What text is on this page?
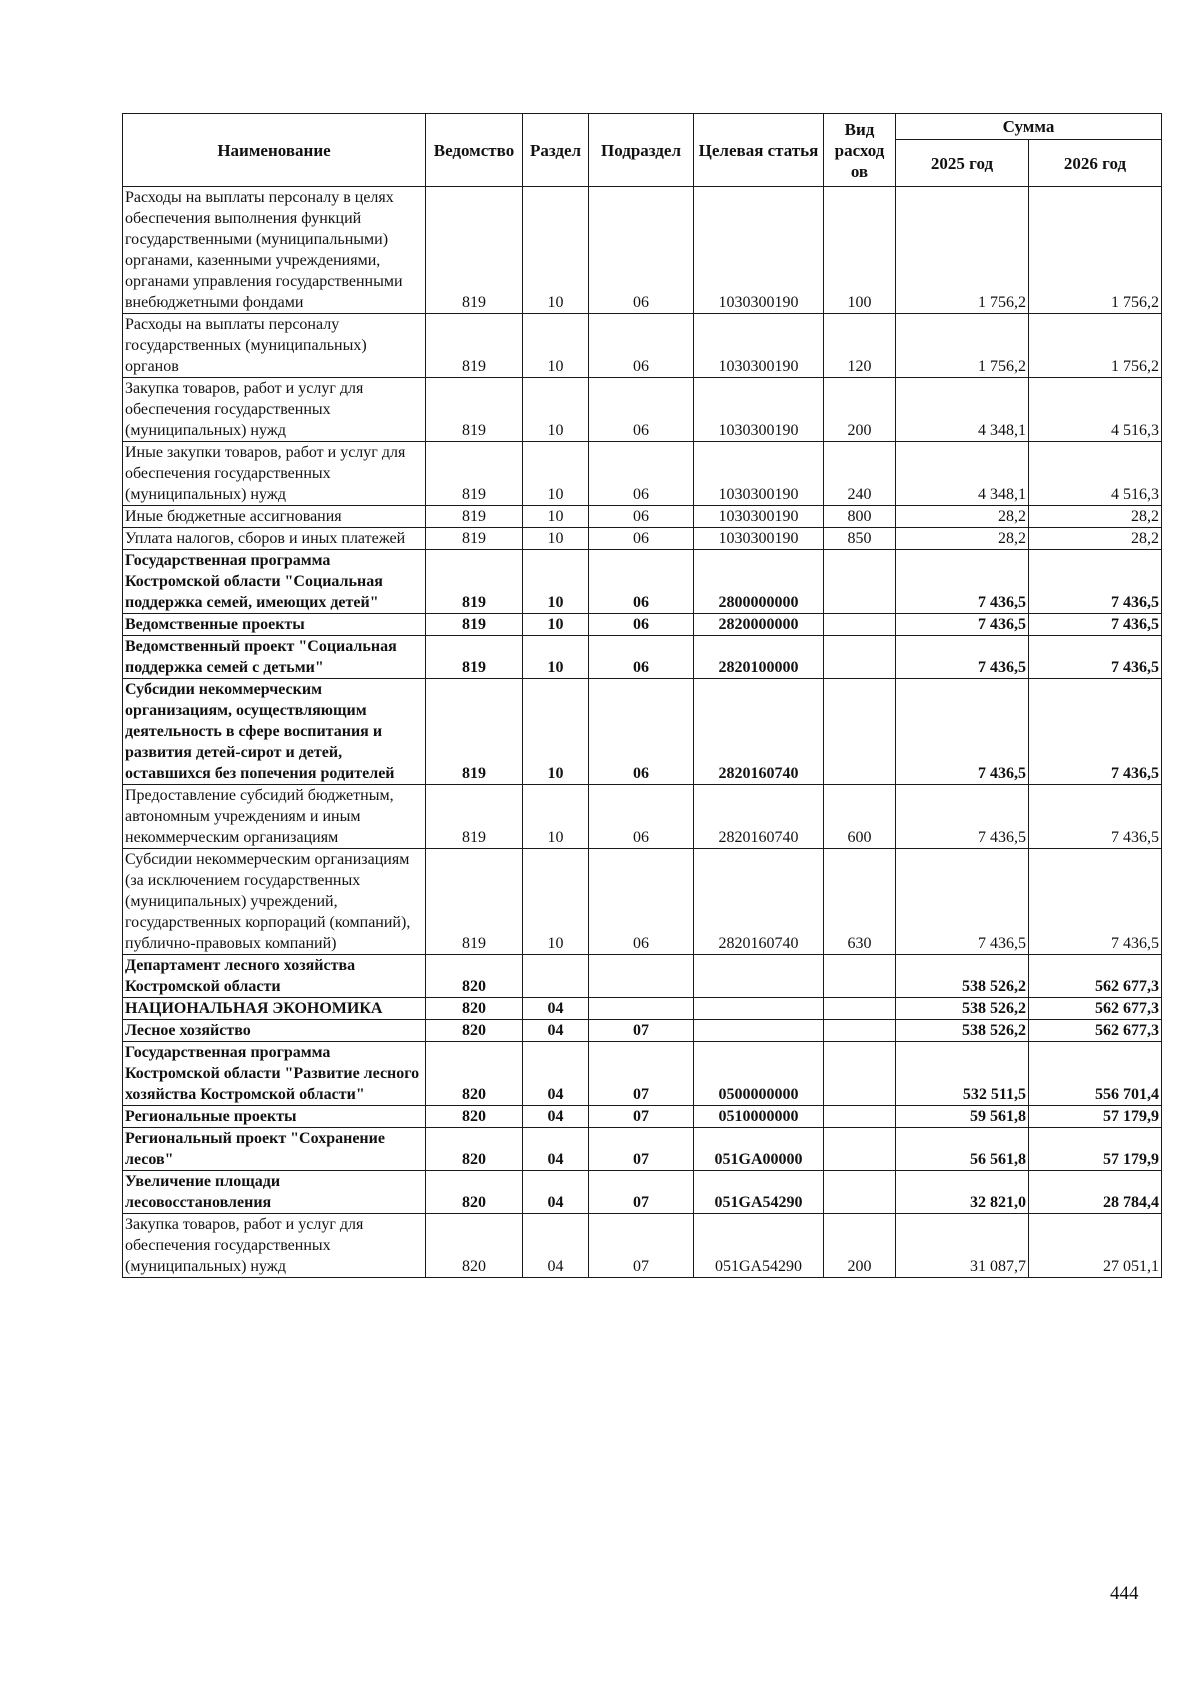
Наименование	Ведомство	Раздел	Подраздел	Целевая статья	Вид расход ов	Сумма	
						2025 год	2026 год
Расходы на выплаты персоналу в целях обеспечения выполнения функций государственными (муниципальными) органами, казенными учреждениями, органами управления государственными внебюджетными фондами	819	10	06	1030300190	100	1 756,2	1 756,2
Расходы на выплаты персоналу государственных (муниципальных) органов	819	10	06	1030300190	120	1 756,2	1 756,2
Закупка товаров, работ и услуг для обеспечения государственных (муниципальных) нужд	819	10	06	1030300190	200	4 348,1	4 516,3
Иные закупки товаров, работ и услуг для обеспечения государственных (муниципальных) нужд	819	10	06	1030300190	240	4 348,1	4 516,3
Иные бюджетные ассигнования	819	10	06	1030300190	800	28,2	28,2
Уплата налогов, сборов и иных платежей	819	10	06	1030300190	850	28,2	28,2
Государственная программа Костромской области "Социальная поддержка семей, имеющих детей"	819	10	06	2800000000		7 436,5	7 436,5
Ведомственные проекты	819	10	06	2820000000		7 436,5	7 436,5
Ведомственный проект "Социальная поддержка семей с детьми"	819	10	06	2820100000		7 436,5	7 436,5
Субсидии некоммерческим организациям, осуществляющим деятельность в сфере воспитания и развития детей-сирот и детей, оставшихся без попечения родителей	819	10	06	2820160740		7 436,5	7 436,5
Предоставление субсидий бюджетным, автономным учреждениям и иным некоммерческим организациям	819	10	06	2820160740	600	7 436,5	7 436,5
Субсидии некоммерческим организациям (за исключением государственных (муниципальных) учреждений, государственных корпораций (компаний), публично-правовых компаний)	819	10	06	2820160740	630	7 436,5	7 436,5
Департамент лесного хозяйства Костромской области	820					538 526,2	562 677,3
НАЦИОНАЛЬНАЯ ЭКОНОМИКА	820	04				538 526,2	562 677,3
Лесное хозяйство	820	04	07			538 526,2	562 677,3
Государственная программа Костромской области "Развитие лесного хозяйства Костромской области"	820	04	07	0500000000		532 511,5	556 701,4
Региональные проекты	820	04	07	0510000000		59 561,8	57 179,9
Региональный проект "Сохранение лесов"	820	04	07	051GA00000		56 561,8	57 179,9
Увеличение площади лесовосстановления	820	04	07	051GA54290		32 821,0	28 784,4
Закупка товаров, работ и услуг для обеспечения государственных (муниципальных) нужд	820	04	07	051GA54290	200	31 087,7	27 051,1
444
